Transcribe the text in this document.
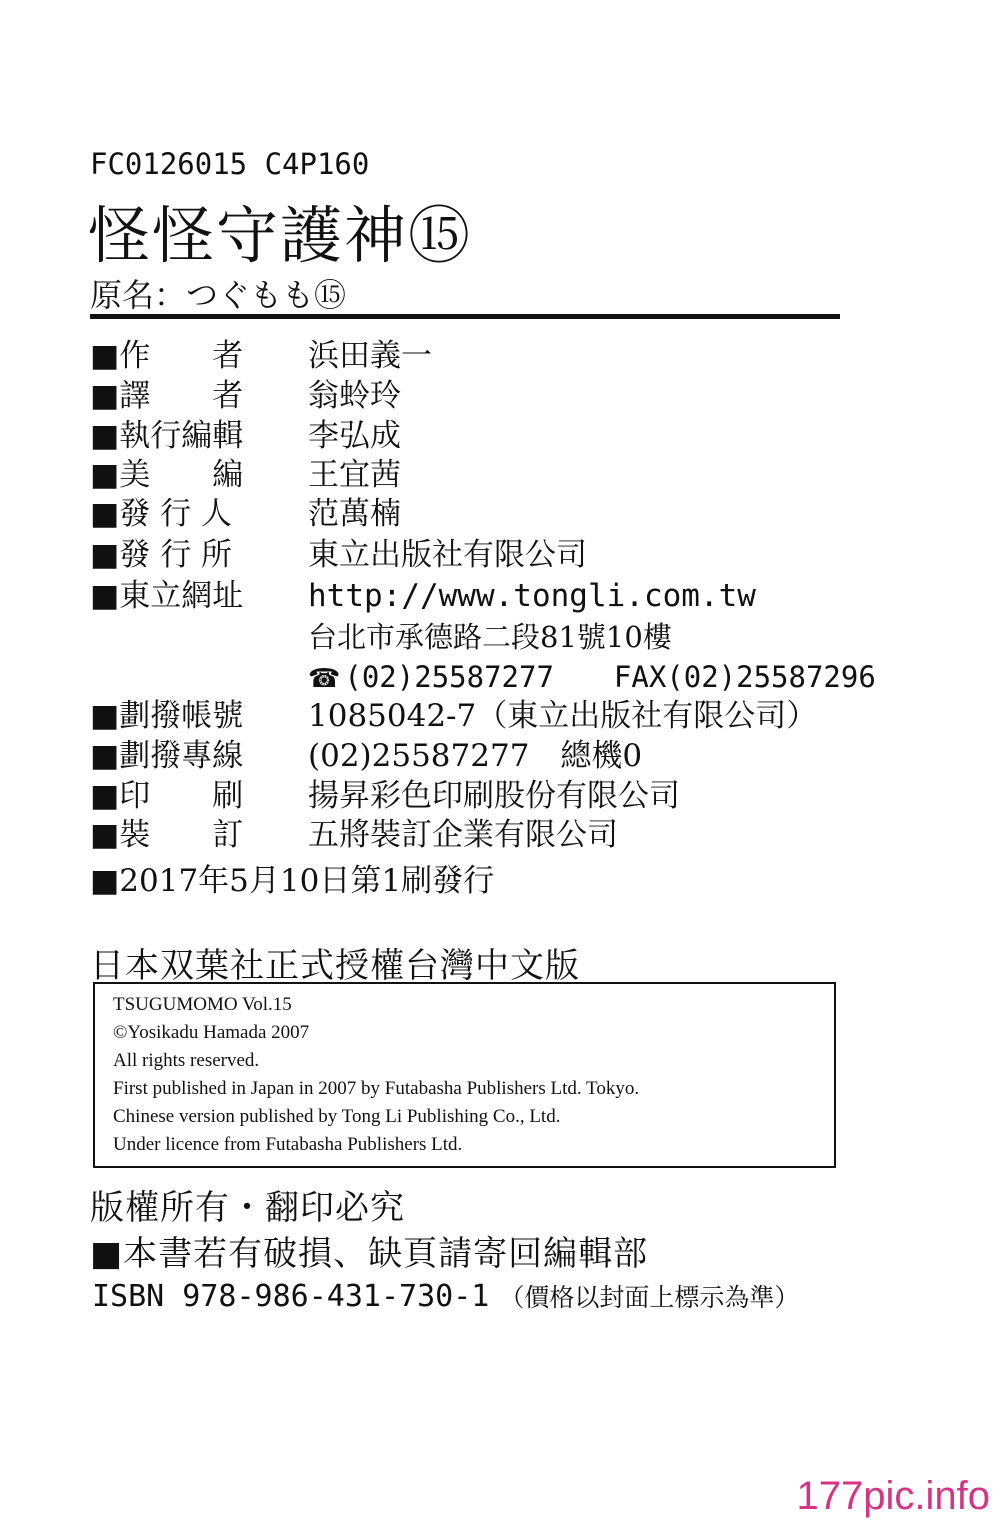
FC0126015 C4P160
怪怪守護神⑮
原名：つぐもも⑮
■作　　者 浜田義一
■譯　　者 翁蛉玲
■執行編輯 李弘成
■美　　編 王宜茜
■發 行 人	范萬楠
■發 行 所	東立出版社有限公司
■東立網址 http://www.tongli.com.tw
台北市承德路二段81號10樓
☎ (02)25587277 FAX(02)25587296
■劃撥帳號 1085042-7（東立出版社有限公司）
■劃撥專線 (02)25587277　總機0
■印　　刷 揚昇彩色印刷股份有限公司
■裝　　訂 五將裝訂企業有限公司
■2017年5月10日第1刷發行
日本双葉社正式授權台灣中文版
TSUGUMOMO Vol.15
©Yosikadu Hamada 2007
All rights reserved.
First published in Japan in 2007 by Futabasha Publishers Ltd. Tokyo.
Chinese version published by Tong Li Publishing Co., Ltd.
Under licence from Futabasha Publishers Ltd.
版權所有・翻印必究
■本書若有破損、缺頁請寄回編輯部
ISBN 978-986-431-730-1 （價格以封面上標示為準）
177pic.info
